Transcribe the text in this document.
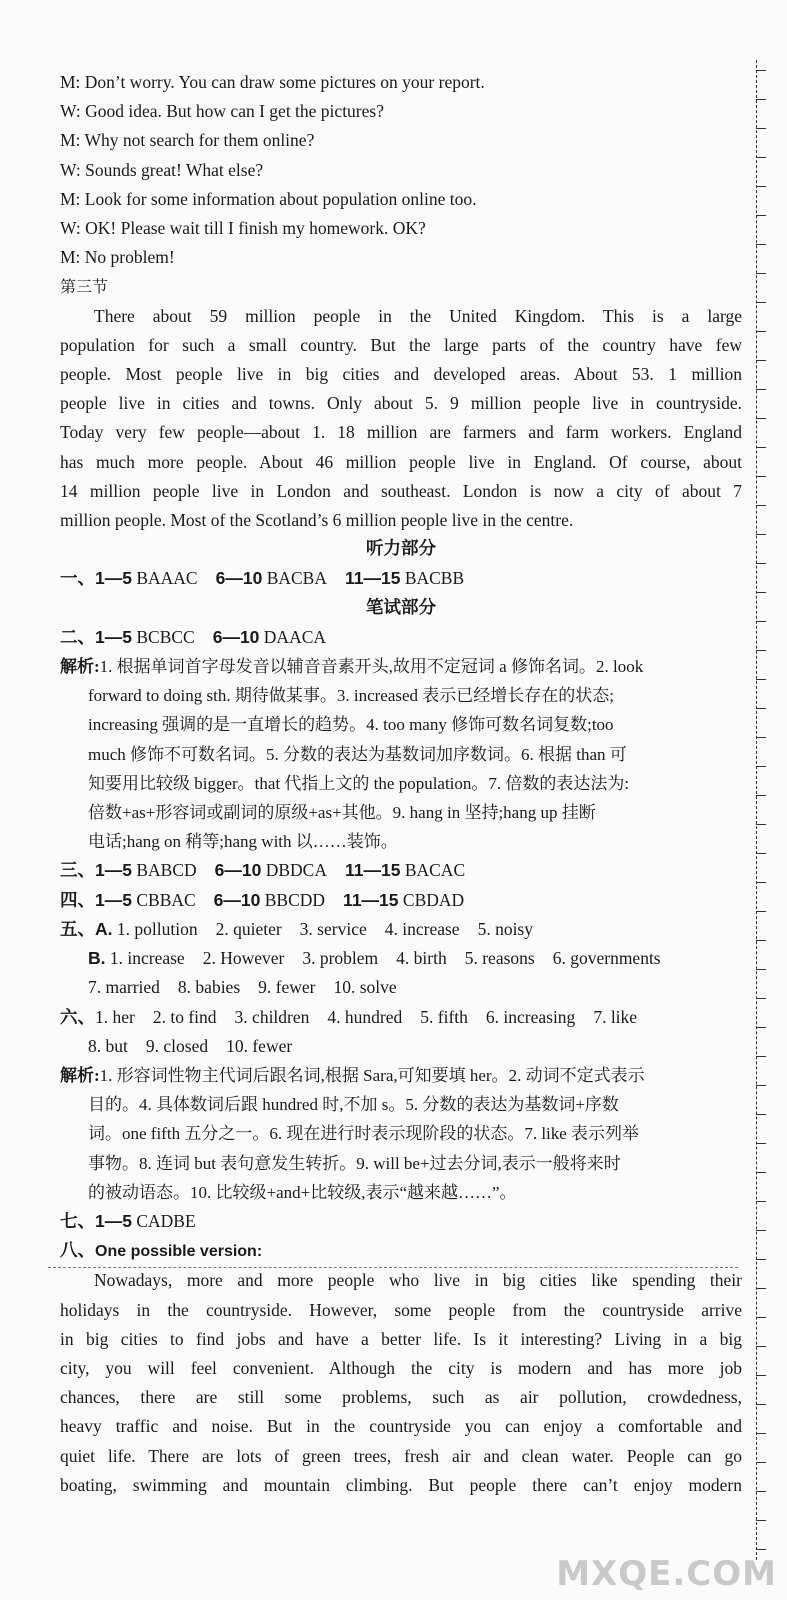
M: Don’t worry. You can draw some pictures on your report.
W: Good idea. But how can I get the pictures?
M: Why not search for them online?
W: Sounds great! What else?
M: Look for some information about population online too.
W: OK! Please wait till I finish my homework. OK?
M: No problem!
第三节

There about 59 million people in the United Kingdom. This is a large

population for such a small country. But the large parts of the country have few

people. Most people live in big cities and developed areas. About 53. 1 million

people live in cities and towns. Only about 5. 9 million people live in countryside.

Today very few people—about 1. 18 million are farmers and farm workers. England

has much more people. About 46 million people live in England. Of course, about

14 million people live in London and southeast. London is now a city of about 7

million people. Most of the Scotland’s 6 million people live in the centre.

听力部分
一、1—5 BAAAC 6—10 BACBA 11—15 BACBB
笔试部分
二、1—5 BCBCC 6—10 DAACA

解析:1. 根据单词首字母发音以辅音音素开头,故用不定冠词 a 修饰名词。2. look

forward to doing sth. 期待做某事。3. increased 表示已经增长存在的状态;

increasing 强调的是一直增长的趋势。4. too many 修饰可数名词复数;too

much 修饰不可数名词。5. 分数的表达为基数词加序数词。6. 根据 than 可

知要用比较级 bigger。that 代指上文的 the population。7. 倍数的表达法为:

倍数+as+形容词或副词的原级+as+其他。9. hang in 坚持;hang up 挂断

电话;hang on 稍等;hang with 以……装饰。

三、1—5 BABCD 6—10 DBDCA 11—15 BACAC
四、1—5 CBBAC 6—10 BBCDD 11—15 CBDAD
五、A. 1. pollution 2. quieter 3. service 4. increase 5. noisy
B. 1. increase 2. However 3. problem 4. birth 5. reasons 6. governments
7. married 8. babies 9. fewer 10. solve
六、1. her 2. to find 3. children 4. hundred 5. fifth 6. increasing 7. like
8. but 9. closed 10. fewer

解析:1. 形容词性物主代词后跟名词,根据 Sara,可知要填 her。2. 动词不定式表示

目的。4. 具体数词后跟 hundred 时,不加 s。5. 分数的表达为基数词+序数

词。one fifth 五分之一。6. 现在进行时表示现阶段的状态。7. like 表示列举

事物。8. 连词 but 表句意发生转折。9. will be+过去分词,表示一般将来时

的被动语态。10. 比较级+and+比较级,表示“越来越……”。

七、1—5 CADBE
八、One possible version:

Nowadays, more and more people who live in big cities like spending their

holidays in the countryside. However, some people from the countryside arrive

in big cities to find jobs and have a better life. Is it interesting? Living in a big

city, you will feel convenient. Although the city is modern and has more job

chances, there are still some problems, such as air pollution, crowdedness,

heavy traffic and noise. But in the countryside you can enjoy a comfortable and

quiet life. There are lots of green trees, fresh air and clean water. People can go

boating, swimming and mountain climbing. But people there can’t enjoy modern

MXQE.COM
